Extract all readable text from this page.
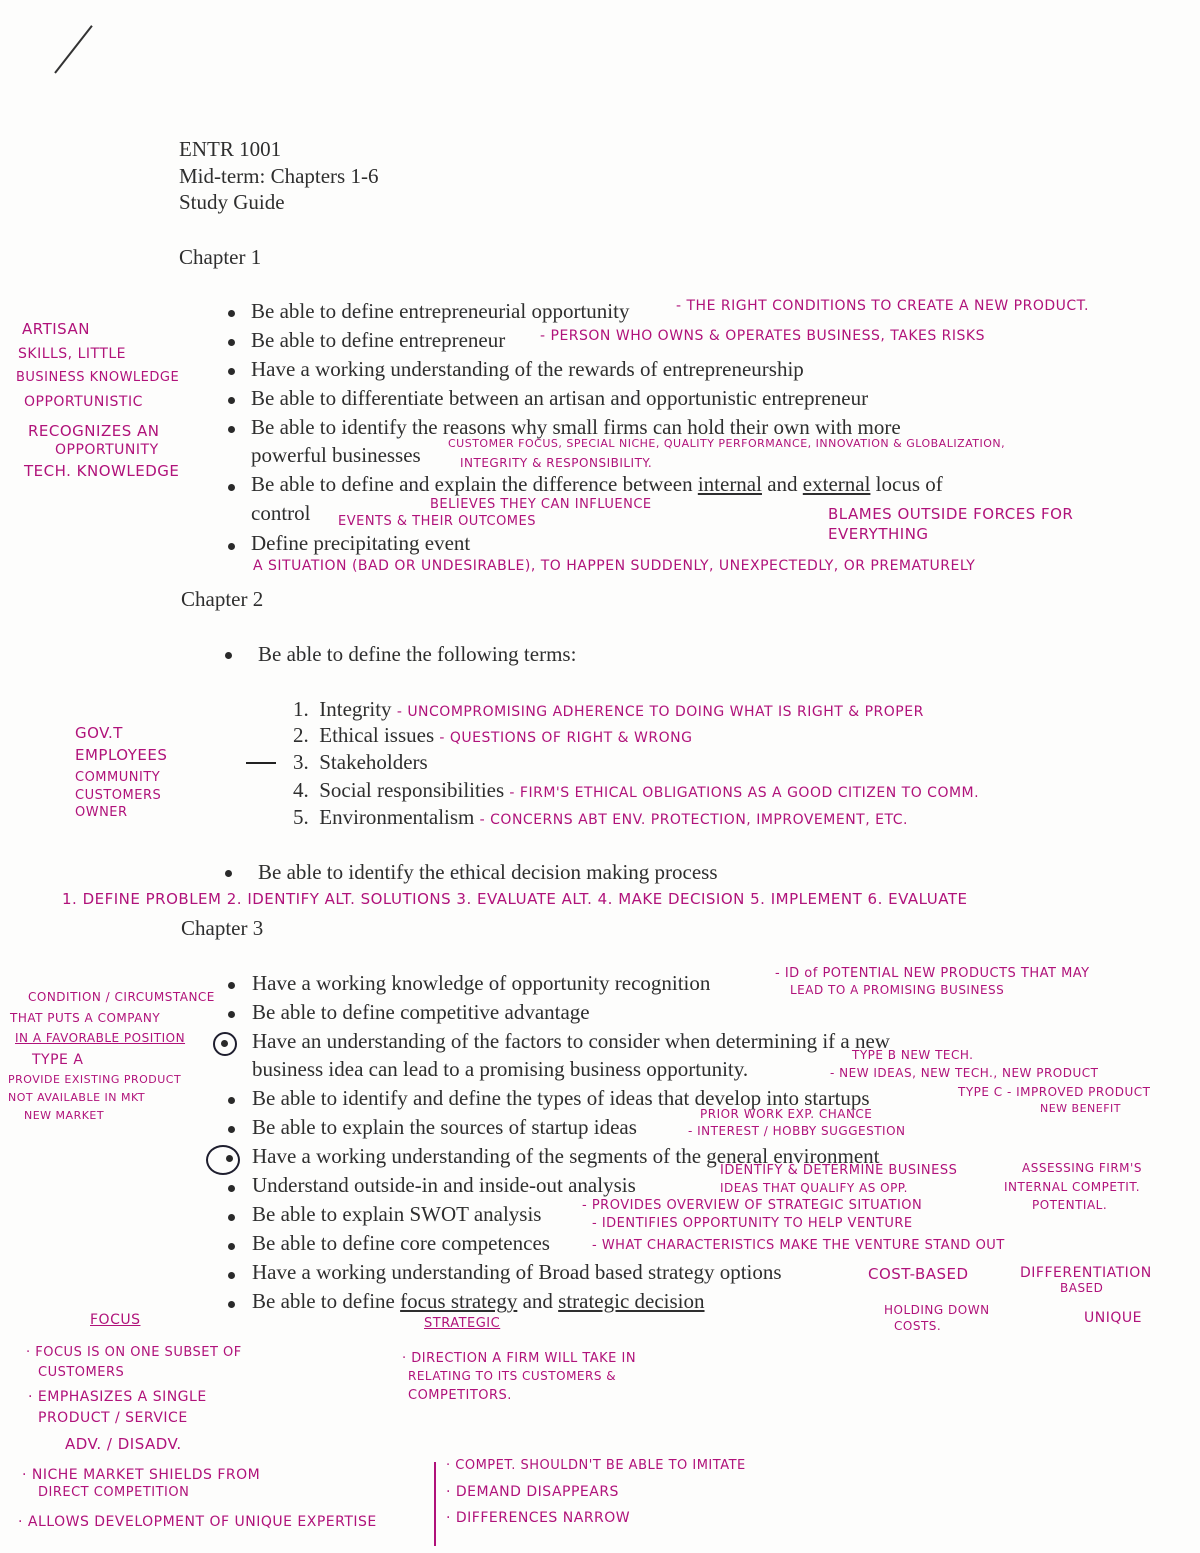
ENTR 1001
Mid-term: Chapters 1-6
Study Guide
Chapter 1
Be able to define entrepreneurial opportunity	- THE RIGHT CONDITIONS TO CREATE A NEW PRODUCT.
Be able to define entrepreneur - PERSON WHO OWNS & OPERATES BUSINESS, TAKES RISKS
Have a working understanding of the rewards of entrepreneurship
Be able to differentiate between an artisan and opportunistic entrepreneur
Be able to identify the reasons why small firms can hold their own with more
powerful businesses CUSTOMER FOCUS, SPECIAL NICHE, QUALITY PERFORMANCE, INNOVATION & GLOBALIZATION,
INTEGRITY & RESPONSIBILITY.
Be able to define and explain the difference between internal and external locus of
control	BELIEVES THEY CAN INFLUENCE
EVENTS & THEIR OUTCOMES	BLAMES OUTSIDE FORCES FOR
EVERYTHING
Define precipitating event
A SITUATION (BAD OR UNDESIRABLE), TO HAPPEN SUDDENLY, UNEXPECTEDLY, OR PREMATURELY
ARTISAN
SKILLS, LITTLE
BUSINESS KNOWLEDGE
OPPORTUNISTIC
RECOGNIZES AN
OPPORTUNITY
TECH. KNOWLEDGE
Chapter 2
Be able to define the following terms:
1. Integrity - UNCOMPROMISING ADHERENCE TO DOING WHAT IS RIGHT & PROPER
2. Ethical issues - QUESTIONS OF RIGHT & WRONG
3. Stakeholders
4. Social responsibilities - FIRM'S ETHICAL OBLIGATIONS AS A GOOD CITIZEN TO COMM.
5. Environmentalism - CONCERNS ABT ENV. PROTECTION, IMPROVEMENT, ETC.
GOV.T
EMPLOYEES
COMMUNITY
CUSTOMERS
OWNER
Be able to identify the ethical decision making process
1. DEFINE PROBLEM 2. IDENTIFY ALT. SOLUTIONS 3. EVALUATE ALT. 4. MAKE DECISION 5. IMPLEMENT 6. EVALUATE
Chapter 3
Have a working knowledge of opportunity recognition	- ID of POTENTIAL NEW PRODUCTS THAT MAY
LEAD TO A PROMISING BUSINESS
Be able to define competitive advantage
Have an understanding of the factors to consider when determining if a new
business idea can lead to a promising business opportunity.
Be able to identify and define the types of ideas that develop into startups
Be able to explain the sources of startup ideas
PRIOR WORK EXP. CHANCE
- INTEREST / HOBBY SUGGESTION
Have a working understanding of the segments of the general environment
Understand outside-in and inside-out analysis
IDENTIFY & DETERMINE BUSINESS
IDEAS THAT QUALIFY AS OPP.
ASSESSING FIRM'S
INTERNAL COMPETIT.
POTENTIAL.
Be able to explain SWOT analysis	- PROVIDES OVERVIEW OF STRATEGIC SITUATION
- IDENTIFIES OPPORTUNITY TO HELP VENTURE
Be able to define core competences	- WHAT CHARACTERISTICS MAKE THE VENTURE STAND OUT
Have a working understanding of Broad based strategy options	COST-BASED
HOLDING DOWN
COSTS.
DIFFERENTIATION
BASED
UNIQUE
Be able to define focus strategy and strategic decision
CONDITION / CIRCUMSTANCE
THAT PUTS A COMPANY
IN A FAVORABLE POSITION
TYPE A
PROVIDE EXISTING PRODUCT
NOT AVAILABLE IN MKT
NEW MARKET
TYPE B NEW TECH.
- NEW IDEAS, NEW TECH., NEW PRODUCT
TYPE C - IMPROVED PRODUCT
NEW BENEFIT
FOCUS
· FOCUS IS ON ONE SUBSET OF
CUSTOMERS
· EMPHASIZES A SINGLE
PRODUCT / SERVICE
ADV. / DISADV.
· NICHE MARKET SHIELDS FROM
DIRECT COMPETITION
· ALLOWS DEVELOPMENT OF UNIQUE EXPERTISE
STRATEGIC
· DIRECTION A FIRM WILL TAKE IN
RELATING TO ITS CUSTOMERS &
COMPETITORS.
· COMPET. SHOULDN'T BE ABLE TO IMITATE
· DEMAND DISAPPEARS
· DIFFERENCES NARROW
